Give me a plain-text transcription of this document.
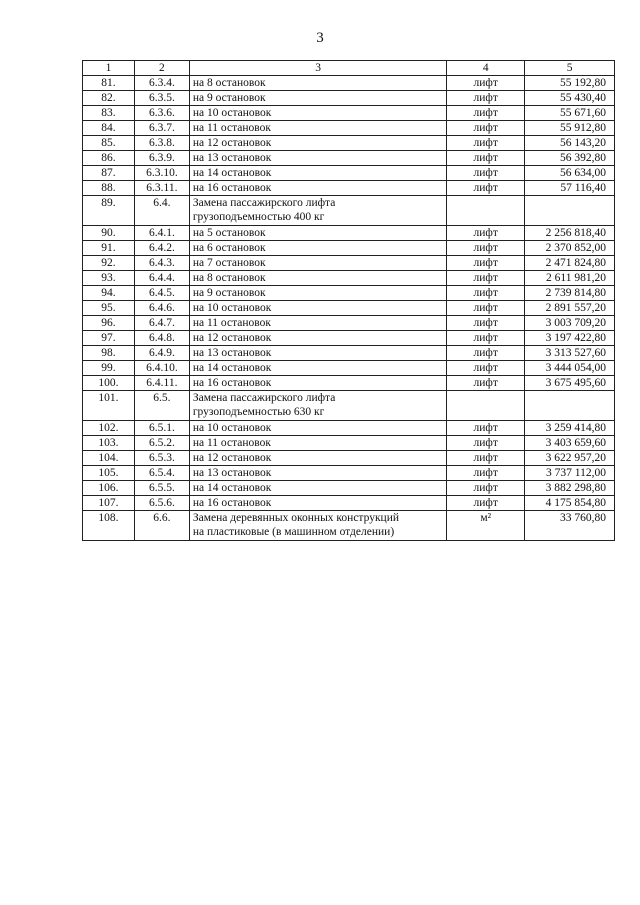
3
1	2	3	4	5
81.	6.3.4.	на 8 остановок	лифт	55 192,80
82.	6.3.5.	на 9 остановок	лифт	55 430,40
83.	6.3.6.	на 10 остановок	лифт	55 671,60
84.	6.3.7.	на 11 остановок	лифт	55 912,80
85.	6.3.8.	на 12 остановок	лифт	56 143,20
86.	6.3.9.	на 13 остановок	лифт	56 392,80
87.	6.3.10.	на 14 остановок	лифт	56 634,00
88.	6.3.11.	на 16 остановок	лифт	57 116,40
89.	6.4.	Замена пассажирского лифта
грузоподъемностью 400 кг		

90.	6.4.1.	на 5 остановок	лифт	2 256 818,40
91.	6.4.2.	на 6 остановок	лифт	2 370 852,00
92.	6.4.3.	на 7 остановок	лифт	2 471 824,80
93.	6.4.4.	на 8 остановок	лифт	2 611 981,20
94.	6.4.5.	на 9 остановок	лифт	2 739 814,80
95.	6.4.6.	на 10 остановок	лифт	2 891 557,20
96.	6.4.7.	на 11 остановок	лифт	3 003 709,20
97.	6.4.8.	на 12 остановок	лифт	3 197 422,80
98.	6.4.9.	на 13 остановок	лифт	3 313 527,60
99.	6.4.10.	на 14 остановок	лифт	3 444 054,00
100.	6.4.11.	на 16 остановок	лифт	3 675 495,60
101.	6.5.	Замена пассажирского лифта
грузоподъемностью 630 кг		

102.	6.5.1.	на 10 остановок	лифт	3 259 414,80
103.	6.5.2.	на 11 остановок	лифт	3 403 659,60
104.	6.5.3.	на 12 остановок	лифт	3 622 957,20
105.	6.5.4.	на 13 остановок	лифт	3 737 112,00
106.	6.5.5.	на 14 остановок	лифт	3 882 298,80
107.	6.5.6.	на 16 остановок	лифт	4 175 854,80
108.	6.6.	Замена деревянных оконных конструкций
на пластиковые (в машинном отделении)	м²	33 760,80
